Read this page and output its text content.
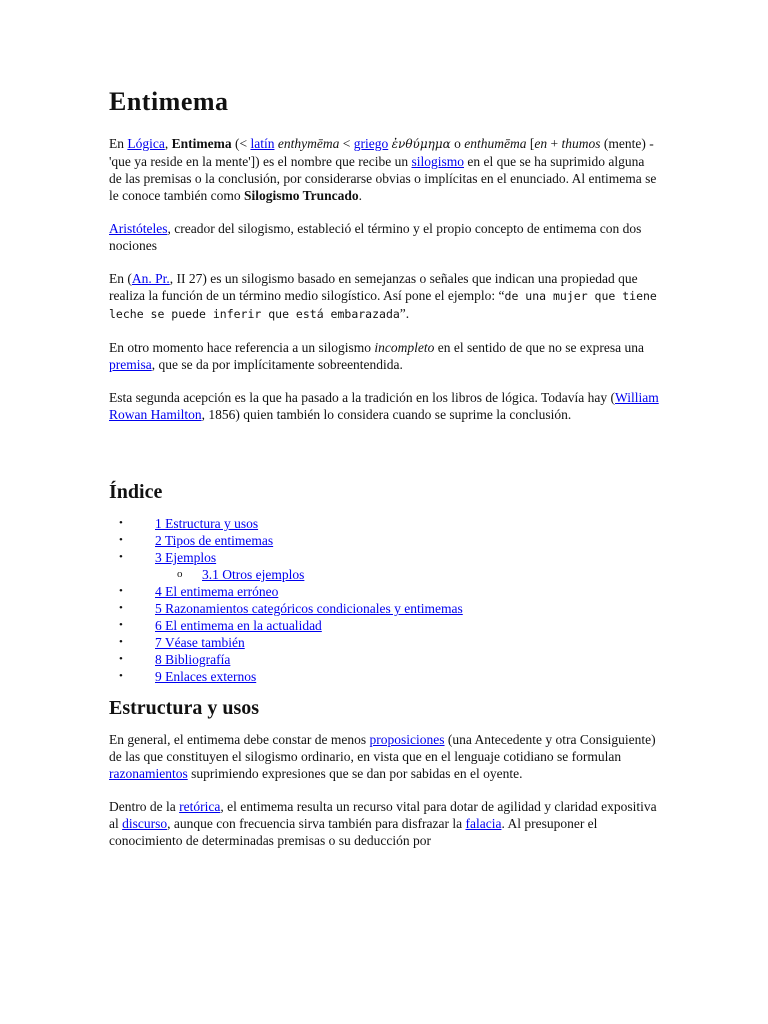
Entimema

En Lógica, Entimema (< latín enthymēma < griego ἐνθύμημα o enthumēma [en + thumos (mente) - 'que ya reside en la mente']) es el nombre que recibe un silogismo en el que se ha suprimido alguna de las premisas o la conclusión, por considerarse obvias o implícitas en el enunciado. Al entimema se le conoce también como Silogismo Truncado.

Aristóteles, creador del silogismo, estableció el término y el propio concepto de entimema con dos nociones

En (An. Pr., II 27) es un silogismo basado en semejanzas o señales que indican una propiedad que realiza la función de un término medio silogístico. Así pone el ejemplo: “de una mujer que tiene leche se puede inferir que está embarazada”.

En otro momento hace referencia a un silogismo incompleto en el sentido de que no se expresa una premisa, que se da por implícitamente sobreentendida.

Esta segunda acepción es la que ha pasado a la tradición en los libros de lógica. Todavía hay (William Rowan Hamilton, 1856) quien también lo considera cuando se suprime la conclusión.

Índice
• 1 Estructura y usos
• 2 Tipos de entimemas
• 3 Ejemplos
o 3.1 Otros ejemplos
• 4 El entimema erróneo
• 5 Razonamientos categóricos condicionales y entimemas
• 6 El entimema en la actualidad
• 7 Véase también
• 8 Bibliografía
• 9 Enlaces externos
Estructura y usos

En general, el entimema debe constar de menos proposiciones (una Antecedente y otra Consiguiente) de las que constituyen el silogismo ordinario, en vista que en el lenguaje cotidiano se formulan razonamientos suprimiendo expresiones que se dan por sabidas en el oyente.

Dentro de la retórica, el entimema resulta un recurso vital para dotar de agilidad y claridad expositiva al discurso, aunque con frecuencia sirva también para disfrazar la falacia. Al presuponer el conocimiento de determinadas premisas o su deducción por
